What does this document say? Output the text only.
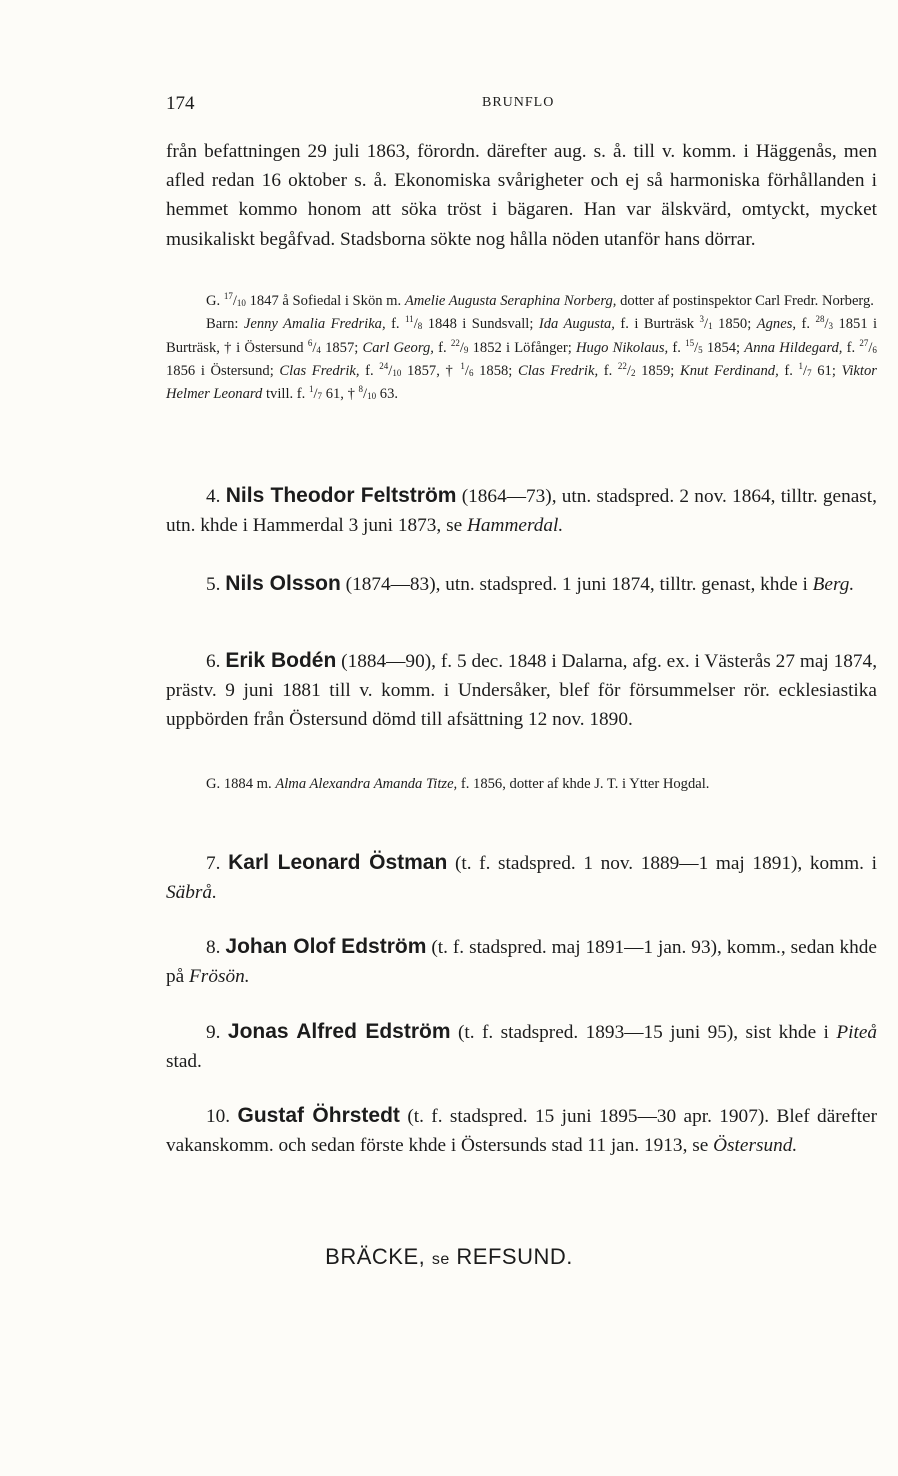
174	BRUNFLO

från befattningen 29 juli 1863, förordn. därefter aug. s. å. till v. komm. i Häggenås, men afled redan 16 oktober s. å. Ekonomiska svårigheter och ej så harmoniska förhållanden i hemmet kommo honom att söka tröst i bägaren. Han var älskvärd, omtyckt, mycket musikaliskt begåfvad. Stadsborna sökte nog hålla nöden utanför hans dörrar.

G. $^{17}/_{10}$ 1847 å Sofiedal i Skön m. Amelie Augusta Seraphina Norberg, dotter af postinspektor Carl Fredr. Norberg.

Barn: Jenny Amalia Fredrika, f. $^{11}/_8$ 1848 i Sundsvall; Ida Augusta, f. i Burträsk $^3/_1$ 1850; Agnes, f. $^{28}/_3$ 1851 i Burträsk, † i Östersund $^6/_4$ 1857; Carl Georg, f. $^{22}/_9$ 1852 i Löfånger; Hugo Nikolaus, f. $^{15}/_5$ 1854; Anna Hildegard, f. $^{27}/_6$ 1856 i Östersund; Clas Fredrik, f. $^{24}/_{10}$ 1857, † $^1/_6$ 1858; Clas Fredrik, f. $^{22}/_2$ 1859; Knut Ferdinand, f. $^1/_7$ 61; Viktor Helmer Leonard tvill. f. $^1/_7$ 61, † $^8/_{10}$ 63.

4. Nils Theodor Feltström (1864—73), utn. stadspred. 2 nov. 1864, tilltr. genast, utn. khde i Hammerdal 3 juni 1873, se Hammerdal.

5. Nils Olsson (1874—83), utn. stadspred. 1 juni 1874, tilltr. genast, khde i Berg.

6. Erik Bodén (1884—90), f. 5 dec. 1848 i Dalarna, afg. ex. i Västerås 27 maj 1874, prästv. 9 juni 1881 till v. komm. i Undersåker, blef för försummelser rör. ecklesiastika uppbörden från Östersund dömd till afsättning 12 nov. 1890.

G. 1884 m. Alma Alexandra Amanda Titze, f. 1856, dotter af khde J. T. i Ytter Hogdal.

7. Karl Leonard Östman (t. f. stadspred. 1 nov. 1889—1 maj 1891), komm. i Säbrå.

8. Johan Olof Edström (t. f. stadspred. maj 1891—1 jan. 93), komm., sedan khde på Frösön.

9. Jonas Alfred Edström (t. f. stadspred. 1893—15 juni 95), sist khde i Piteå stad.

10. Gustaf Öhrstedt (t. f. stadspred. 15 juni 1895—30 apr. 1907). Blef därefter vakanskomm. och sedan förste khde i Östersunds stad 11 jan. 1913, se Östersund.

BRÄCKE, se REFSUND.
